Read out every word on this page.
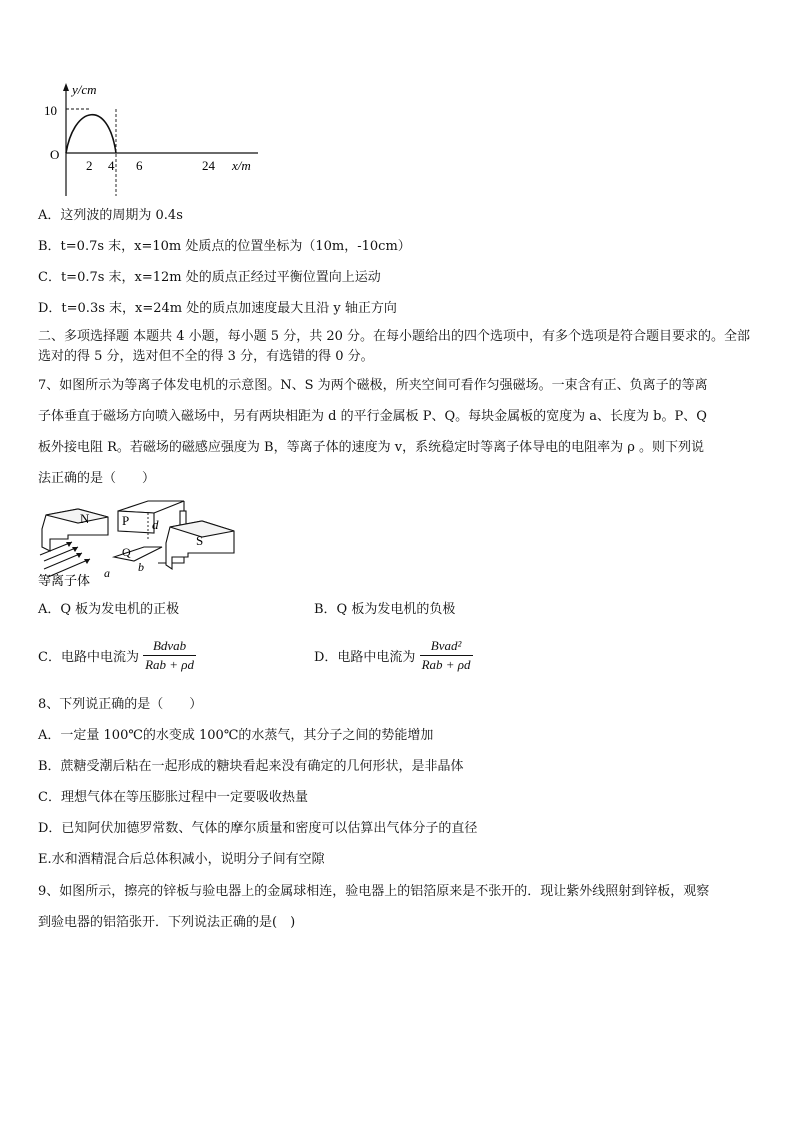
y/cm
10
O
2 4 6	24 x/m
A．这列波的周期为 0.4s
B．t=0.7s 末，x=10m 处质点的位置坐标为（10m，-10cm）
C．t=0.7s 末，x=12m 处的质点正经过平衡位置向上运动
D．t=0.3s 末，x=24m 处的质点加速度最大且沿 y 轴正方向
二、多项选择题 本题共 4 小题，每小题 5 分，共 20 分。在每小题给出的四个选项中，有多个选项是符合题目要求的。全部选对的得 5 分，选对但不全的得 3 分，有选错的得 0 分。
7、如图所示为等离子体发电机的示意图。N、S 为两个磁极，所夹空间可看作匀强磁场。一束含有正、负离子的等离
子体垂直于磁场方向喷入磁场中，另有两块相距为 d 的平行金属板 P、Q。每块金属板的宽度为 a、长度为 b。P、Q
板外接电阻 R。若磁场的磁感应强度为 B，等离子体的速度为 v，系统稳定时等离子体导电的电阻率为 ρ 。则下列说
法正确的是（　　）
N	P d
Q
S
a b
等离子体
A．Q 板为发电机的正极	B．Q 板为发电机的负极
C．电路中电流为 $\frac{\text{Bdvab}}{\text{Rab + ρd}}$	D．电路中电流为 $\frac{\text{Bvad²}}{\text{Rab + ρd}}$
8、下列说正确的是（　　）
A．一定量 100℃的水变成 100℃的水蒸气，其分子之间的势能增加
B．蔗糖受潮后粘在一起形成的糖块看起来没有确定的几何形状，是非晶体
C．理想气体在等压膨胀过程中一定要吸收热量
D．已知阿伏加德罗常数、气体的摩尔质量和密度可以估算出气体分子的直径
E.水和酒精混合后总体积减小，说明分子间有空隙
9、如图所示，擦亮的锌板与验电器上的金属球相连，验电器上的铝箔原来是不张开的．现让紫外线照射到锌板，观察
到验电器的铝箔张开．下列说法正确的是(　)
